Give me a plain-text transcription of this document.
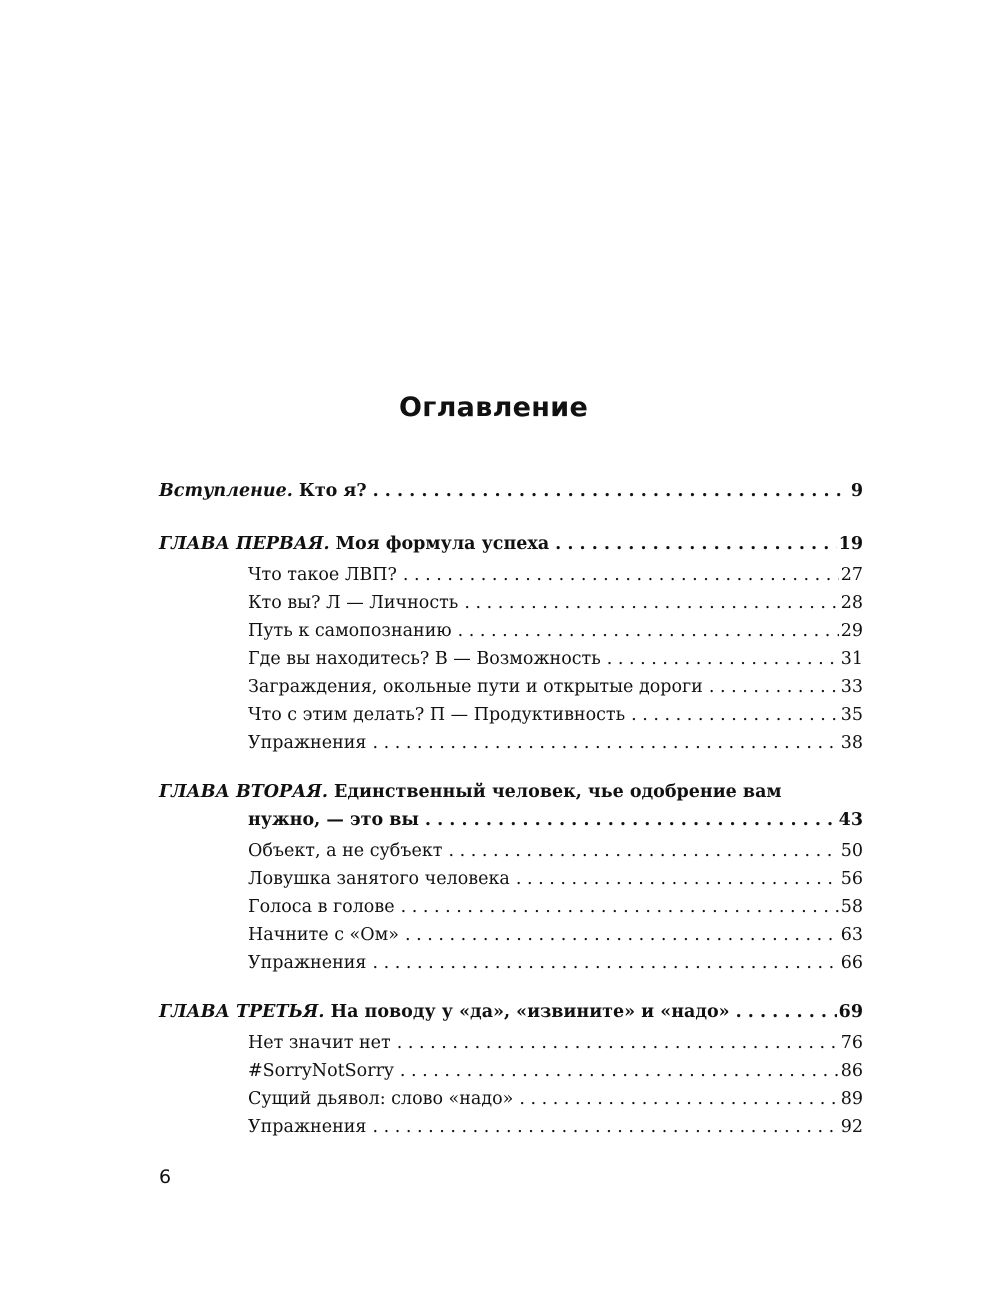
Оглавление
Вступление. Кто я? . . .	9
ГЛАВА ПЕРВАЯ. Моя формула успеха . . .	19
Что такое ЛВП? . . .	27
Кто вы? Л — Личность . . .	28
Путь к самопознанию . . .	29
Где вы находитесь? В — Возможность . . .	31
Заграждения, окольные пути и открытые дороги . . .	33
Что с этим делать? П — Продуктивность . . .	35
Упражнения . . .	38
ГЛАВА ВТОРАЯ. Единственный человек, чье одобрение вам
нужно, — это вы . . .	43
Объект, а не субъект . . .	50
Ловушка занятого человека . . .	56
Голоса в голове . . .	58
Начните с «Ом» . . .	63
Упражнения . . .	66
ГЛАВА ТРЕТЬЯ. На поводу у «да», «извините» и «надо» . . .	69
Нет значит нет . . .	76
#SorryNotSorry . . .	86
Сущий дьявол: слово «надо» . . .	89
Упражнения . . .	92
6
